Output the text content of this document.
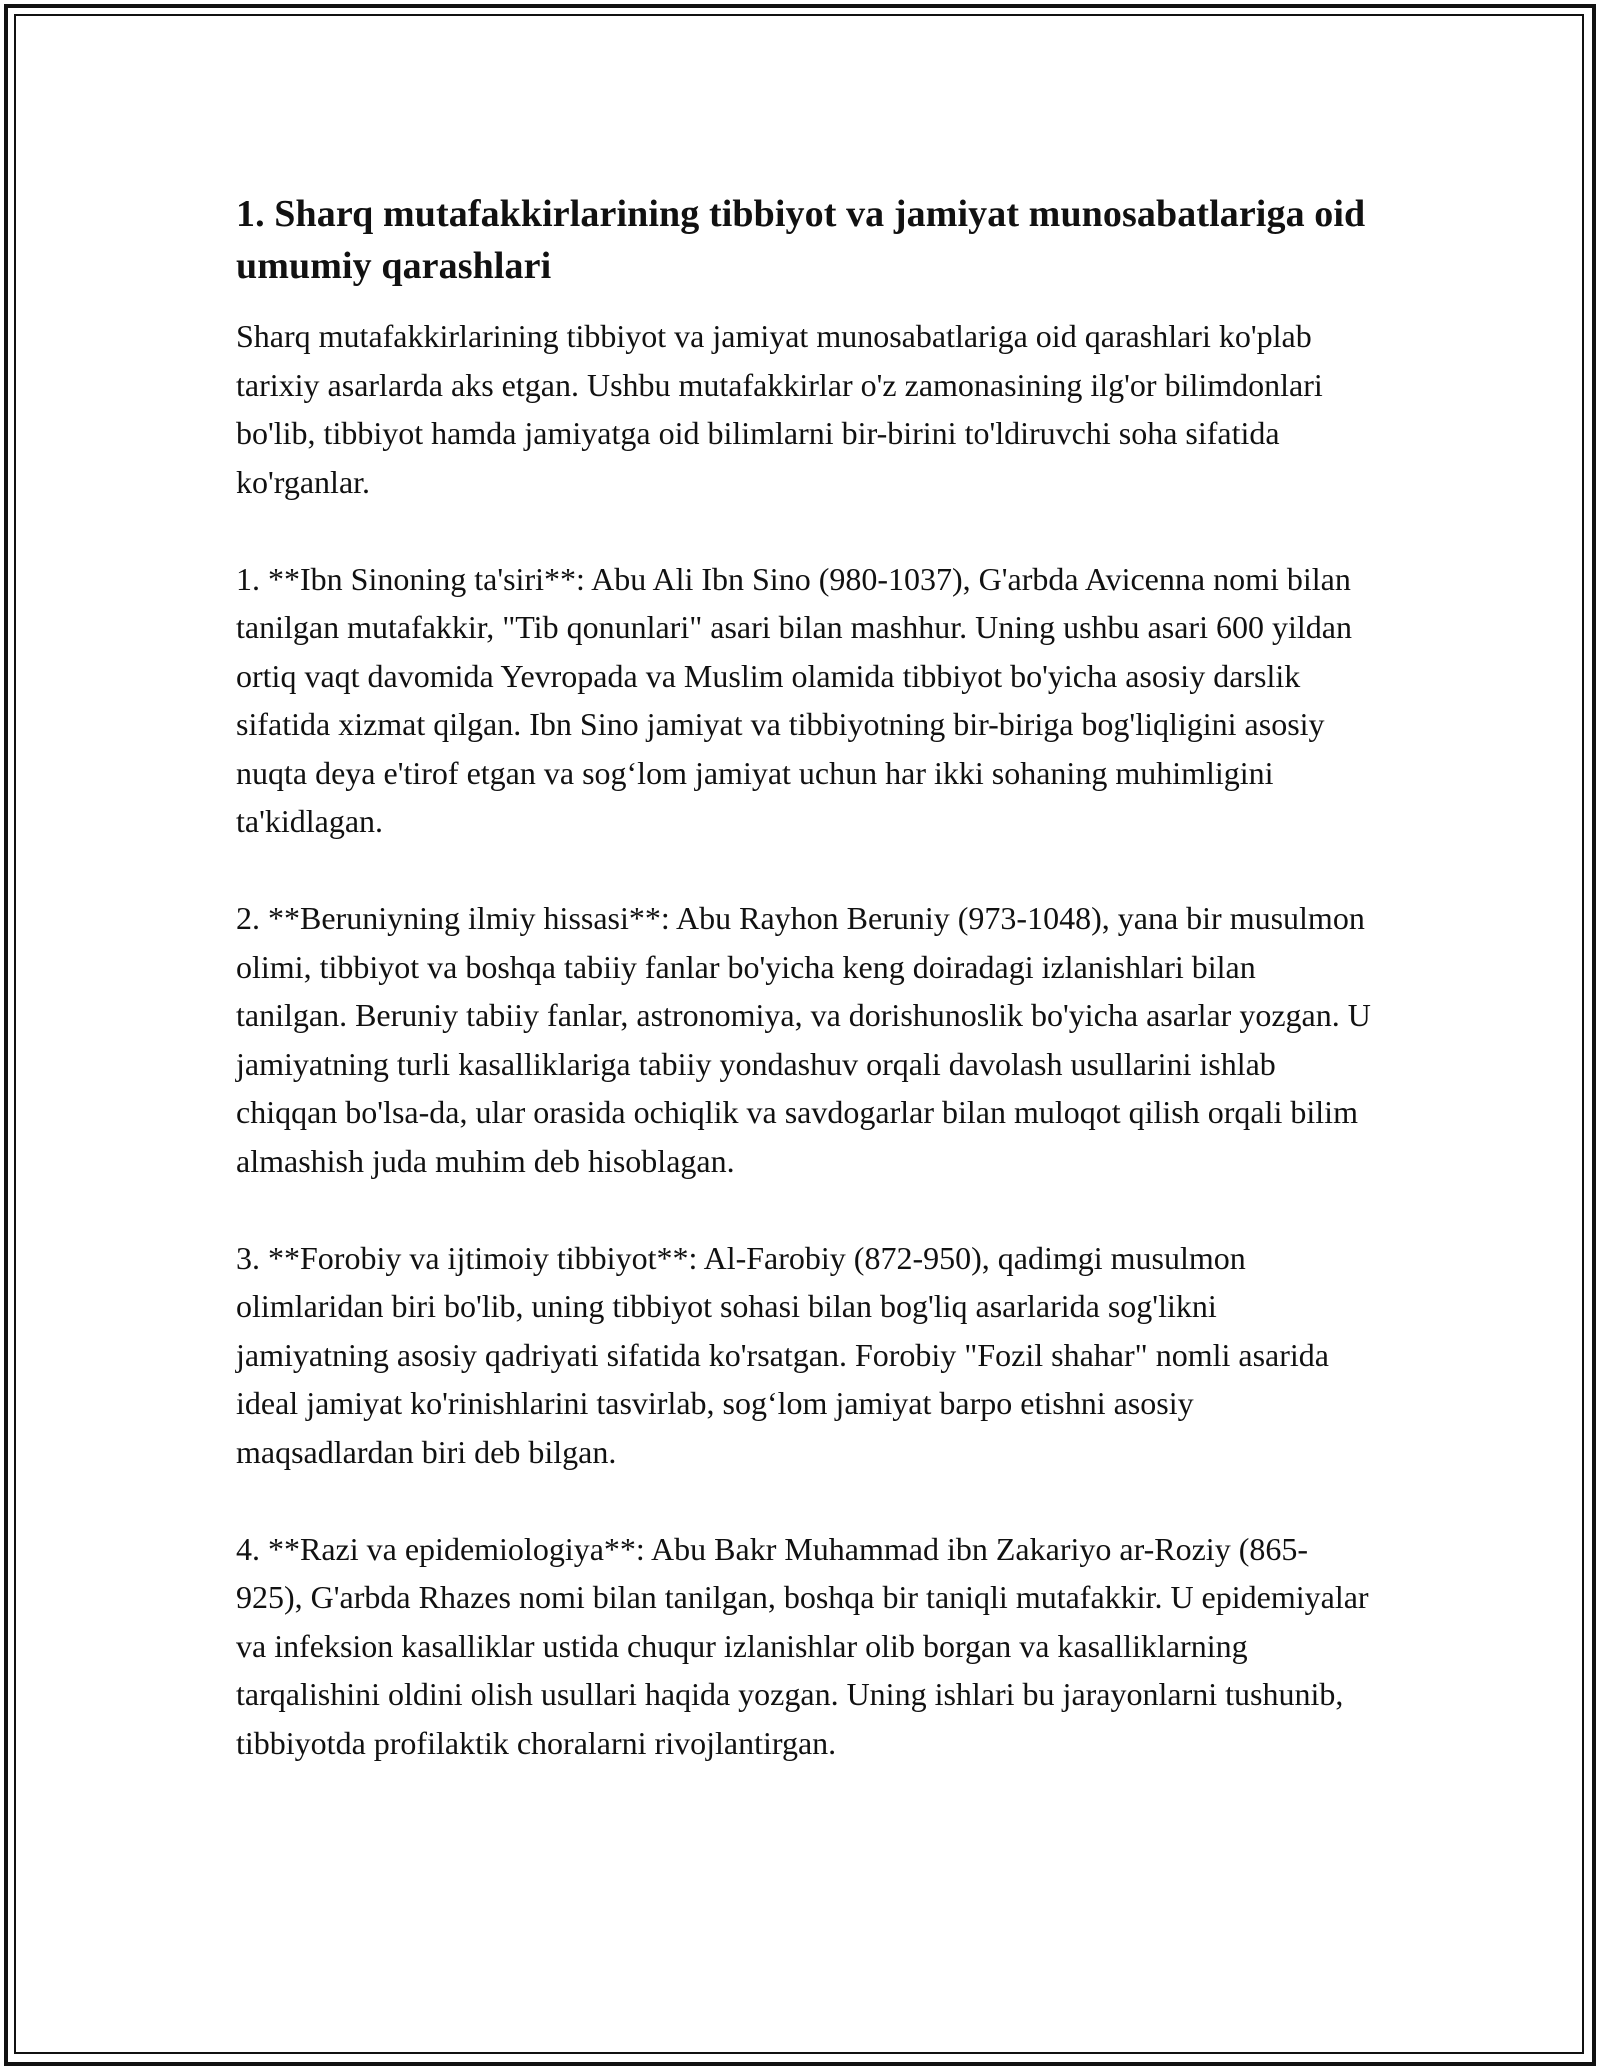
1. Sharq mutafakkirlarining tibbiyot va jamiyat munosabatlariga oid umumiy qarashlari

Sharq mutafakkirlarining tibbiyot va jamiyat munosabatlariga oid qarashlari ko'plab tarixiy asarlarda aks etgan. Ushbu mutafakkirlar o'z zamonasining ilg'or bilimdonlari bo'lib, tibbiyot hamda jamiyatga oid bilimlarni bir-birini to'ldiruvchi soha sifatida ko'rganlar.

1. **Ibn Sinoning ta'siri**: Abu Ali Ibn Sino (980-1037), G'arbda Avicenna nomi bilan tanilgan mutafakkir, "Tib qonunlari" asari bilan mashhur. Uning ushbu asari 600 yildan ortiq vaqt davomida Yevropada va Muslim olamida tibbiyot bo'yicha asosiy darslik sifatida xizmat qilgan. Ibn Sino jamiyat va tibbiyotning bir-biriga bog'liqligini asosiy nuqta deya e'tirof etgan va sog‘lom jamiyat uchun har ikki sohaning muhimligini ta'kidlagan.

2. **Beruniyning ilmiy hissasi**: Abu Rayhon Beruniy (973-1048), yana bir musulmon olimi, tibbiyot va boshqa tabiiy fanlar bo'yicha keng doiradagi izlanishlari bilan tanilgan. Beruniy tabiiy fanlar, astronomiya, va dorishunoslik bo'yicha asarlar yozgan. U jamiyatning turli kasalliklariga tabiiy yondashuv orqali davolash usullarini ishlab chiqqan bo'lsa-da, ular orasida ochiqlik va savdogarlar bilan muloqot qilish orqali bilim almashish juda muhim deb hisoblagan.

3. **Forobiy va ijtimoiy tibbiyot**: Al-Farobiy (872-950), qadimgi musulmon olimlaridan biri bo'lib, uning tibbiyot sohasi bilan bog'liq asarlarida sog'likni jamiyatning asosiy qadriyati sifatida ko'rsatgan. Forobiy "Fozil shahar" nomli asarida ideal jamiyat ko'rinishlarini tasvirlab, sog‘lom jamiyat barpo etishni asosiy maqsadlardan biri deb bilgan.

4. **Razi va epidemiologiya**: Abu Bakr Muhammad ibn Zakariyo ar-Roziy (865-925), G'arbda Rhazes nomi bilan tanilgan, boshqa bir taniqli mutafakkir. U epidemiyalar va infeksion kasalliklar ustida chuqur izlanishlar olib borgan va kasalliklarning tarqalishini oldini olish usullari haqida yozgan. Uning ishlari bu jarayonlarni tushunib, tibbiyotda profilaktik choralarni rivojlantirgan.
